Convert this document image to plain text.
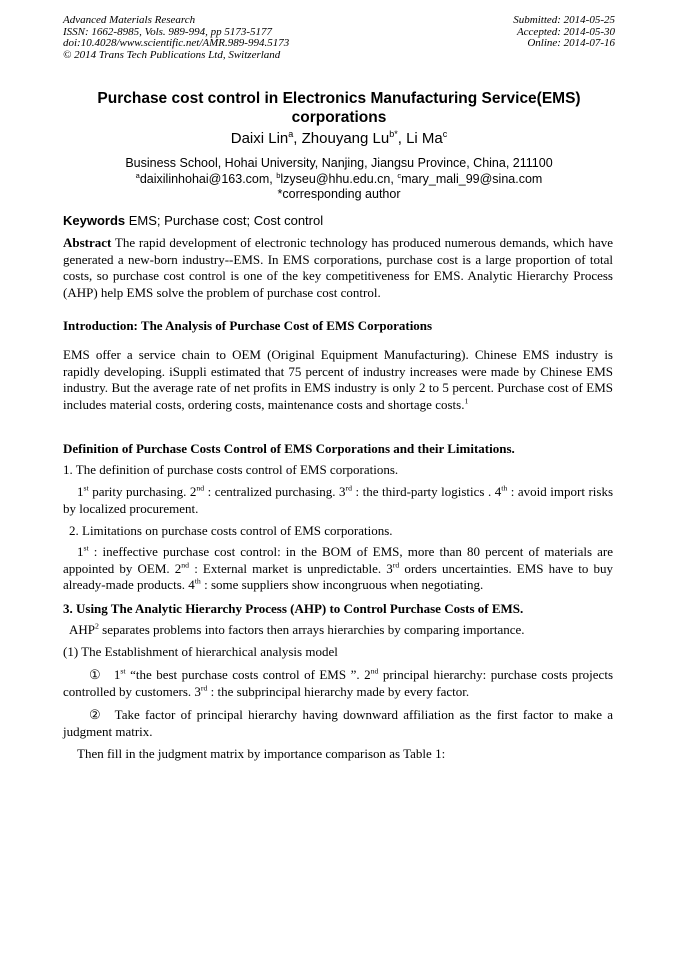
Advanced Materials Research
ISSN: 1662-8985, Vols. 989-994, pp 5173-5177
doi:10.4028/www.scientific.net/AMR.989-994.5173
© 2014 Trans Tech Publications Ltd, Switzerland
Submitted: 2014-05-25
Accepted: 2014-05-30
Online: 2014-07-16
Purchase cost control in Electronics Manufacturing Service(EMS)
corporations
Daixi Lin$^a$, Zhouyang $Lu^{b*}$, Li Ma$^c$
Business School, Hohai University, Nanjing, Jiangsu Province, China, 211100
$^a$daixilinhohai@163.com, $^b$lzyseu@hhu.edu.cn, $^c$mary_mali_99@sina.com
*corresponding author
Keywords EMS; Purchase cost; Cost control
Abstract The rapid development of electronic technology has produced numerous demands, which have generated a new-born industry--EMS. In EMS corporations, purchase cost is a large proportion of total costs, so purchase cost control is one of the key competitiveness for EMS. Analytic Hierarchy Process (AHP) help EMS solve the problem of purchase cost control.
Introduction: The Analysis of Purchase Cost of EMS Corporations
EMS offer a service chain to OEM (Original Equipment Manufacturing). Chinese EMS industry is rapidly developing. iSuppli estimated that 75 percent of industry increases were made by Chinese EMS industry. But the average rate of net profits in EMS industry is only 2 to 5 percent. Purchase cost of EMS includes material costs, ordering costs, maintenance costs and shortage costs.$^1$
Definition of Purchase Costs Control of EMS Corporations and their Limitations.
1. The definition of purchase costs control of EMS corporations.
1st parity purchasing. 2nd : centralized purchasing. 3rd : the third-party logistics . 4th : avoid import risks by localized procurement.
2. Limitations on purchase costs control of EMS corporations.
1st : ineffective purchase cost control: in the BOM of EMS, more than 80 percent of materials are appointed by OEM. 2nd : External market is unpredictable. 3rd orders uncertainties. EMS have to buy already-made products. 4th : some suppliers show incongruous when negotiating.
3. Using The Analytic Hierarchy Process (AHP) to Control Purchase Costs of EMS.
AHP$^2$ separates problems into factors then arrays hierarchies by comparing importance.
(1) The Establishment of hierarchical analysis model
① 1st “the best purchase costs control of EMS ”. 2nd principal hierarchy: purchase costs projects controlled by customers. 3rd : the subprincipal hierarchy made by every factor.
② Take factor of principal hierarchy having downward affiliation as the first factor to make a judgment matrix.
Then fill in the judgment matrix by importance comparison as Table 1:
